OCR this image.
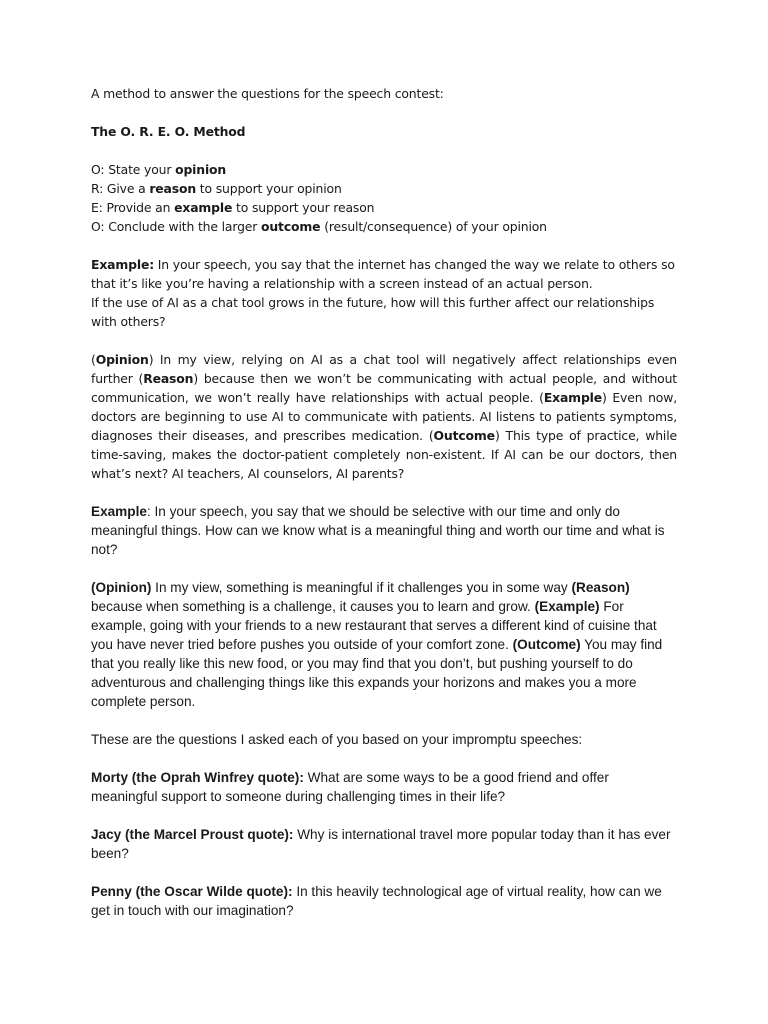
A method to answer the questions for the speech contest:

The O. R. E. O. Method

O: State your opinion
R: Give a reason to support your opinion
E: Provide an example to support your reason
O: Conclude with the larger outcome (result/consequence) of your opinion

Example: In your speech, you say that the internet has changed the way we relate to others so that it’s like you’re having a relationship with a screen instead of an actual person.

If the use of AI as a chat tool grows in the future, how will this further affect our relationships with others?

(Opinion) In my view, relying on AI as a chat tool will negatively affect relationships even further (Reason) because then we won’t be communicating with actual people, and without communication, we won’t really have relationships with actual people. (Example) Even now, doctors are beginning to use AI to communicate with patients. AI listens to patients symptoms, diagnoses their diseases, and prescribes medication. (Outcome) This type of practice, while time-saving, makes the doctor-patient completely non-existent. If AI can be our doctors, then what’s next? AI teachers, AI counselors, AI parents?

Example: In your speech, you say that we should be selective with our time and only do meaningful things. How can we know what is a meaningful thing and worth our time and what is not?

(Opinion) In my view, something is meaningful if it challenges you in some way (Reason) because when something is a challenge, it causes you to learn and grow. (Example) For example, going with your friends to a new restaurant that serves a different kind of cuisine that you have never tried before pushes you outside of your comfort zone. (Outcome) You may find that you really like this new food, or you may find that you don’t, but pushing yourself to do adventurous and challenging things like this expands your horizons and makes you a more complete person.

These are the questions I asked each of you based on your impromptu speeches:

Morty (the Oprah Winfrey quote): What are some ways to be a good friend and offer meaningful support to someone during challenging times in their life?

Jacy (the Marcel Proust quote): Why is international travel more popular today than it has ever been?

Penny (the Oscar Wilde quote): In this heavily technological age of virtual reality, how can we get in touch with our imagination?
